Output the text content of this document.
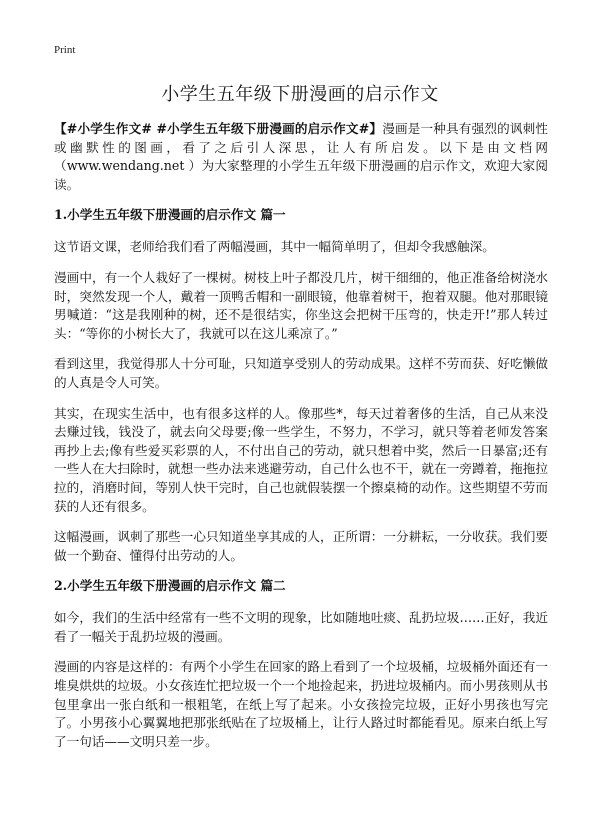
Print
小学生五年级下册漫画的启示作文

【#小学生作文# #小学生五年级下册漫画的启示作文#】漫画是一种具有强烈的讽刺性或幽默性的图画，看了之后引人深思，让人有所启发。以下是由文档网（www.wendang.net ）为大家整理的小学生五年级下册漫画的启示作文，欢迎大家阅读。

1.小学生五年级下册漫画的启示作文 篇一

这节语文课，老师给我们看了两幅漫画，其中一幅简单明了，但却令我感触深。

漫画中，有一个人栽好了一棵树。树枝上叶子都没几片，树干细细的，他正准备给树浇水时，突然发现一个人，戴着一顶鸭舌帽和一副眼镜，他靠着树干，抱着双腿。他对那眼镜男喊道：“这是我刚种的树，还不是很结实，你坐这会把树干压弯的，快走开!”那人转过头：“等你的小树长大了，我就可以在这儿乘凉了。”

看到这里，我觉得那人十分可耻，只知道享受别人的劳动成果。这样不劳而获、好吃懒做的人真是令人可笑。

其实，在现实生活中，也有很多这样的人。像那些*，每天过着奢侈的生活，自己从来没去赚过钱，钱没了，就去向父母要;像一些学生，不努力，不学习，就只等着老师发答案再抄上去;像有些爱买彩票的人，不付出自己的劳动，就只想着中奖，然后一日暴富;还有一些人在大扫除时，就想一些办法来逃避劳动，自己什么也不干，就在一旁蹲着，拖拖拉拉的，消磨时间，等别人快干完时，自己也就假装摆一个擦桌椅的动作。这些期望不劳而获的人还有很多。

这幅漫画，讽刺了那些一心只知道坐享其成的人，正所谓：一分耕耘，一分收获。我们要做一个勤奋、懂得付出劳动的人。

2.小学生五年级下册漫画的启示作文 篇二

如今，我们的生活中经常有一些不文明的现象，比如随地吐痰、乱扔垃圾……正好，我近看了一幅关于乱扔垃圾的漫画。

漫画的内容是这样的：有两个小学生在回家的路上看到了一个垃圾桶，垃圾桶外面还有一堆臭烘烘的垃圾。小女孩连忙把垃圾一个一个地捡起来，扔进垃圾桶内。而小男孩则从书包里拿出一张白纸和一根粗笔，在纸上写了起来。小女孩捡完垃圾，正好小男孩也写完了。小男孩小心翼翼地把那张纸贴在了垃圾桶上，让行人路过时都能看见。原来白纸上写了一句话——文明只差一步。
